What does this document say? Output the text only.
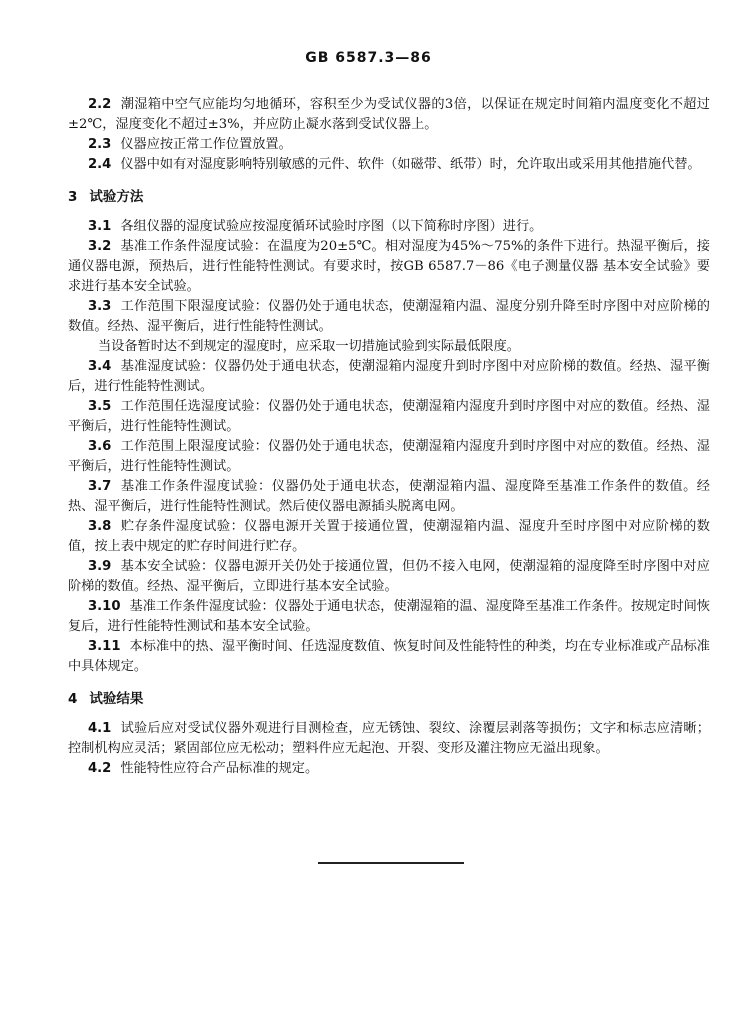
GB 6587.3—86
2.2 潮湿箱中空气应能均匀地循环，容积至少为受试仪器的3倍，以保证在规定时间箱内温度变化不超过±2℃，湿度变化不超过±3%，并应防止凝水落到受试仪器上。
2.3 仪器应按正常工作位置放置。
2.4 仪器中如有对湿度影响特别敏感的元件、软件（如磁带、纸带）时，允许取出或采用其他措施代替。
3 试验方法
3.1 各组仪器的湿度试验应按湿度循环试验时序图（以下简称时序图）进行。
3.2 基准工作条件湿度试验：在温度为20±5℃。相对湿度为45%～75%的条件下进行。热湿平衡后，接通仪器电源，预热后，进行性能特性测试。有要求时，按GB 6587.7－86《电子测量仪器 基本安全试验》要求进行基本安全试验。
3.3 工作范围下限湿度试验：仪器仍处于通电状态，使潮湿箱内温、湿度分别升降至时序图中对应阶梯的数值。经热、湿平衡后，进行性能特性测试。
当设备暂时达不到规定的湿度时，应采取一切措施试验到实际最低限度。
3.4 基准湿度试验：仪器仍处于通电状态，使潮湿箱内湿度升到时序图中对应阶梯的数值。经热、湿平衡后，进行性能特性测试。
3.5 工作范围任选湿度试验：仪器仍处于通电状态，使潮湿箱内湿度升到时序图中对应的数值。经热、湿平衡后，进行性能特性测试。
3.6 工作范围上限湿度试验：仪器仍处于通电状态，使潮湿箱内湿度升到时序图中对应的数值。经热、湿平衡后，进行性能特性测试。
3.7 基准工作条件湿度试验：仪器仍处于通电状态，使潮湿箱内温、湿度降至基准工作条件的数值。经热、湿平衡后，进行性能特性测试。然后使仪器电源插头脱离电网。
3.8 贮存条件湿度试验：仪器电源开关置于接通位置，使潮湿箱内温、湿度升至时序图中对应阶梯的数值，按上表中规定的贮存时间进行贮存。
3.9 基本安全试验：仪器电源开关仍处于接通位置，但仍不接入电网，使潮湿箱的湿度降至时序图中对应阶梯的数值。经热、湿平衡后，立即进行基本安全试验。
3.10 基准工作条件湿度试验：仪器处于通电状态，使潮湿箱的温、湿度降至基准工作条件。按规定时间恢复后，进行性能特性测试和基本安全试验。
3.11 本标准中的热、湿平衡时间、任选湿度数值、恢复时间及性能特性的种类，均在专业标准或产品标准中具体规定。
4 试验结果
4.1 试验后应对受试仪器外观进行目测检查，应无锈蚀、裂纹、涂覆层剥落等损伤；文字和标志应清晰；控制机构应灵活；紧固部位应无松动；塑料件应无起泡、开裂、变形及灌注物应无溢出现象。
4.2 性能特性应符合产品标准的规定。
